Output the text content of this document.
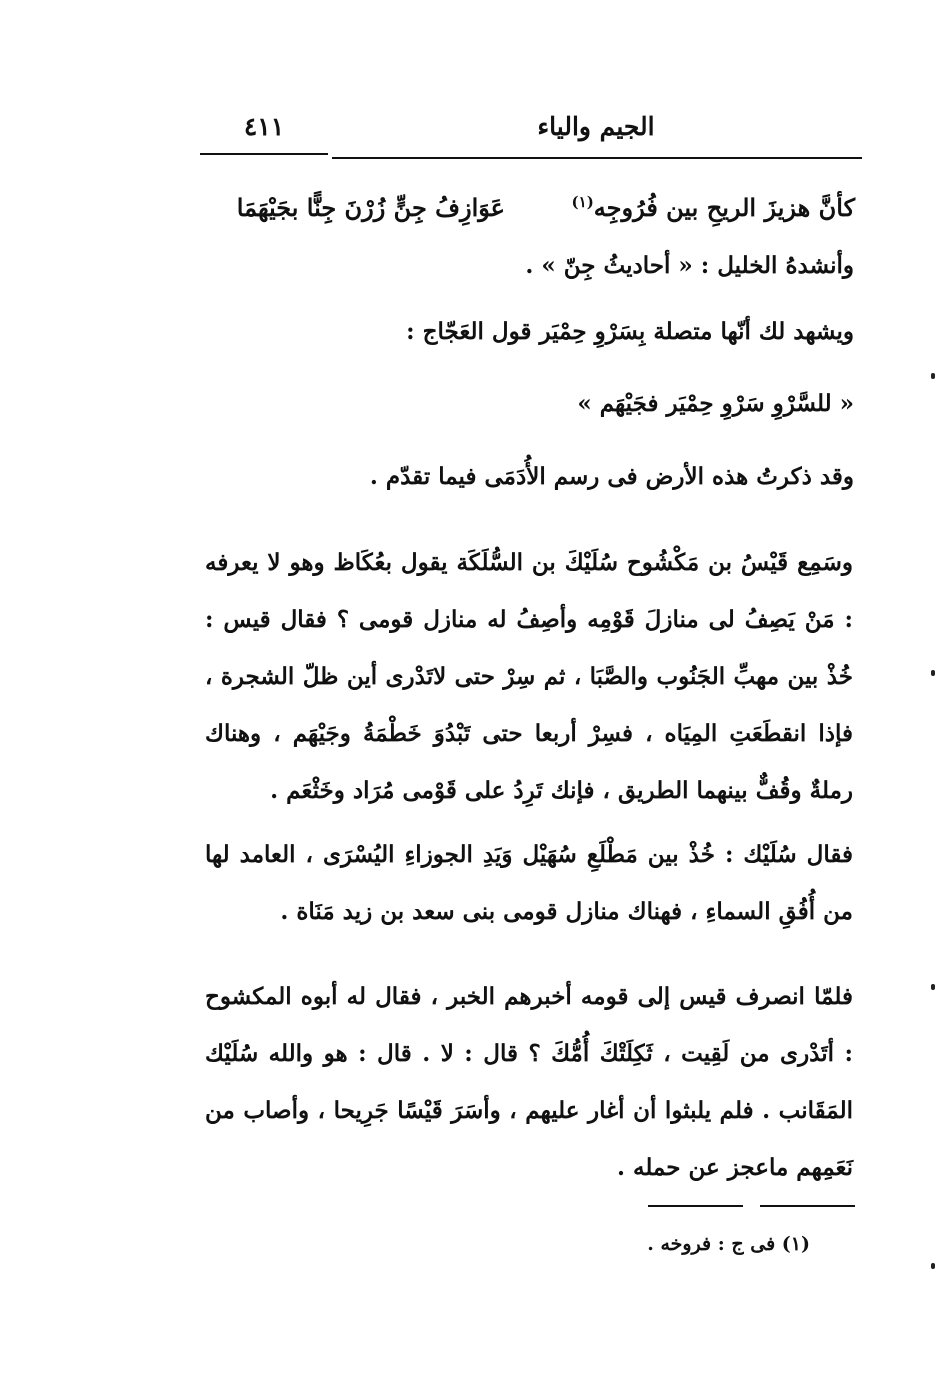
الجيم والياء
٤١١
كأنَّ هزيزَ الريحِ بين فُرُوجِه$^{(١)}$
عَوَازِفُ جِنٍّ زُرْنَ جِنًّا بجَيْهَمَا
وأنشدهُ الخليل : « أحاديثُ جِنّ » .
ويشهد لك أنّها متصلة بِسَرْوِ حِمْيَر قول العَجّاج :
« للسَّرْوِ سَرْوِ حِمْيَر فجَيْهَم »
وقد ذكرتُ هذه الأرض فى رسم الأُدَمَى فيما تقدّم .
وسَمِع قَيْسُ بن مَكْشُوح سُلَيْكَ بن السُّلَكَة يقول بعُكَاظ وهو لا يعرفه : مَنْ يَصِفُ لى منازلَ قَوْمِه وأصِفُ له منازل قومى ؟ فقال قيس : خُذْ بين مهبِّ الجَنُوب والصَّبَا ، ثم سِرْ حتى لاتَدْرى أين ظلّ الشجرة ، فإذا انقطَعَتِ المِيَاه ، فسِرْ أربعا حتى تَبْدُوَ خَطْمَةُ وجَيْهَم ، وهناك رملةٌ وقُفٌّ بينهما الطريق ، فإنك تَرِدُ على قَوْمى مُرَاد وخَثْعَم .
فقال سُلَيْك : خُذْ بين مَطْلَعِ سُهَيْل وَيَدِ الجوزاءِ اليُسْرَى ، العامد لها من أُفُقِ السماءِ ، فهناك منازل قومى بنى سعد بن زيد مَنَاة .
فلمّا انصرف قيس إلى قومه أخبرهم الخبر ، فقال له أبوه المكشوح : أتَدْرى من لَقِيت ، ثَكِلَتْكَ أُمُّكَ ؟ قال : لا . قال : هو والله سُلَيْك المَقَانب . فلم يلبثوا أن أغار عليهم ، وأسَرَ قَيْسًا جَرِيحا ، وأصاب من نَعَمِهم ماعجز عن حمله .
(١) فى ج : فروخه .
